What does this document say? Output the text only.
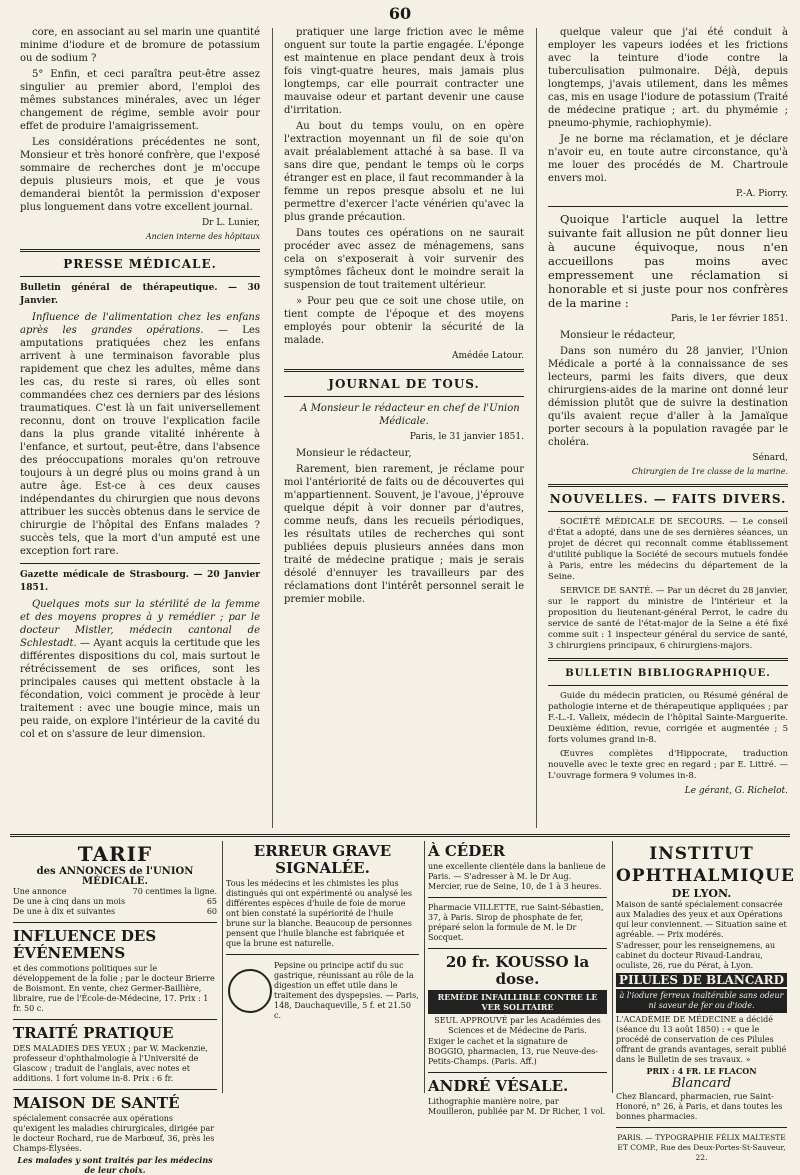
60

core, en associant au sel marin une quantité minime d'iodure et de bromure de potassium ou de sodium ?

5° Enfin, et ceci paraîtra peut-être assez singulier au premier abord, l'emploi des mêmes substances minérales, avec un léger changement de régime, semble avoir pour effet de produire l'amaigrissement.

Les considérations précédentes ne sont, Monsieur et très honoré confrère, que l'exposé sommaire de recherches dont je m'occupe depuis plusieurs mois, et que je vous demanderai bientôt la permission d'exposer plus longuement dans votre excellent journal.

Dr L. Lunier,
Ancien interne des hôpitaux
PRESSE MÉDICALE.

Bulletin général de thérapeutique. — 30 Janvier.

Influence de l'alimentation chez les enfans après les grandes opérations. — Les amputations pratiquées chez les enfans arrivent à une terminaison favorable plus rapidement que chez les adultes, même dans les cas, du reste si rares, où elles sont commandées chez ces derniers par des lésions traumatiques. C'est là un fait universellement reconnu, dont on trouve l'explication facile dans la plus grande vitalité inhérente à l'enfance, et surtout, peut-être, dans l'absence des préoccupations morales qu'on retrouve toujours à un degré plus ou moins grand à un autre âge. Est-ce à ces deux causes indépendantes du chirurgien que nous devons attribuer les succès obtenus dans le service de chirurgie de l'hôpital des Enfans malades ? succès tels, que la mort d'un amputé est une exception fort rare.

Gazette médicale de Strasbourg. — 20 Janvier 1851.

Quelques mots sur la stérilité de la femme et des moyens propres à y remédier ; par le docteur Mistler, médecin cantonal de Schlestadt. — Ayant acquis la certitude que les différentes dispositions du col, mais surtout le rétrécissement de ses orifices, sont les principales causes qui mettent obstacle à la fécondation, voici comment je procède à leur traitement : avec une bougie mince, mais un peu raide, on explore l'intérieur de la cavité du col et on s'assure de leur dimension.

pratiquer une large friction avec le même onguent sur toute la partie engagée. L'éponge est maintenue en place pendant deux à trois fois vingt-quatre heures, mais jamais plus longtemps, car elle pourrait contracter une mauvaise odeur et partant devenir une cause d'irritation.

Au bout du temps voulu, on en opère l'extraction moyennant un fil de soie qu'on avait préalablement attaché à sa base. Il va sans dire que, pendant le temps où le corps étranger est en place, il faut recommander à la femme un repos presque absolu et ne lui permettre d'exercer l'acte vénérien qu'avec la plus grande précaution.

Dans toutes ces opérations on ne saurait procéder avec assez de ménagemens, sans cela on s'exposerait à voir survenir des symptômes fâcheux dont le moindre serait la suspension de tout traitement ultérieur.

» Pour peu que ce soit une chose utile, on tient compte de l'époque et des moyens employés pour obtenir la sécurité de la malade.

Amédée Latour.
JOURNAL DE TOUS.

A Monsieur le rédacteur en chef de l'Union Médicale.

Paris, le 31 janvier 1851.

Monsieur le rédacteur,

Rarement, bien rarement, je réclame pour moi l'antériorité de faits ou de découvertes qui m'appartiennent. Souvent, je l'avoue, j'éprouve quelque dépit à voir donner par d'autres, comme neufs, dans les recueils périodiques, les résultats utiles de recherches qui sont publiées depuis plusieurs années dans mon traité de médecine pratique ; mais je serais désolé d'ennuyer les travailleurs par des réclamations dont l'intérêt personnel serait le premier mobile.

quelque valeur que j'ai été conduit à employer les vapeurs iodées et les frictions avec la teinture d'iode contre la tuberculisation pulmonaire. Déjà, depuis longtemps, j'avais utilement, dans les mêmes cas, mis en usage l'iodure de potassium (Traité de médecine pratique ; art. du phymémie ; pneumo-phymie, rachiophymie).

Je ne borne ma réclamation, et je déclare n'avoir eu, en toute autre circonstance, qu'à me louer des procédés de M. Chartroule envers moi.

P.-A. Piorry.

Quoique l'article auquel la lettre suivante fait allusion ne pût donner lieu à aucune équivoque, nous n'en accueillons pas moins avec empressement une réclamation si honorable et si juste pour nos confrères de la marine :

Paris, le 1er février 1851.

Monsieur le rédacteur,

Dans son numéro du 28 janvier, l'Union Médicale a porté à la connaissance de ses lecteurs, parmi les faits divers, que deux chirurgiens-aides de la marine ont donné leur démission plutôt que de suivre la destination qu'ils avaient reçue d'aller à la Jamaïque porter secours à la population ravagée par le choléra.

Sénard,
Chirurgien de 1re classe de la marine.
NOUVELLES. — FAITS DIVERS.

SOCIÉTÉ MÉDICALE DE SECOURS. — Le conseil d'État a adopté, dans une de ses dernières séances, un projet de décret qui reconnaît comme établissement d'utilité publique la Société de secours mutuels fondée à Paris, entre les médecins du département de la Seine.

SERVICE DE SANTÉ. — Par un décret du 28 janvier, sur le rapport du ministre de l'intérieur et la proposition du lieutenant-général Perrot, le cadre du service de santé de l'état-major de la Seine a été fixé comme suit : 1 inspecteur général du service de santé, 3 chirurgiens principaux, 6 chirurgiens-majors.

BULLETIN BIBLIOGRAPHIQUE.

Guide du médecin praticien, ou Résumé général de pathologie interne et de thérapeutique appliquées ; par F.-L.-I. Valleix, médecin de l'hôpital Sainte-Marguerite. Deuxième édition, revue, corrigée et augmentée ; 5 forts volumes grand in-8.

Œuvres complètes d'Hippocrate, traduction nouvelle avec le texte grec en regard ; par E. Littré. — L'ouvrage formera 9 volumes in-8.

Le gérant, G. Richelot.

TARIF
des ANNONCES de l'UNION MÉDICALE.
Une annonce	70 centimes la ligne.
De une à cinq dans un mois	65
De une à dix et suivantes	60
INFLUENCE DES ÉVÉNEMENS

et des commotions politiques sur le développement de la folie ; par le docteur Brierre de Boismont. En vente, chez Germer-Baillière, libraire, rue de l'École-de-Médecine, 17. Prix : 1 fr. 50 c.

TRAITÉ PRATIQUE

DES MALADIES DES YEUX ; par W. Mackenzie, professeur d'ophthalmologie à l'Université de Glascow ; traduit de l'anglais, avec notes et additions. 1 fort volume in-8. Prix : 6 fr.

MAISON DE SANTÉ

spécialement consacrée aux opérations qu'exigent les maladies chirurgicales, dirigée par le docteur Rochard, rue de Marbœuf, 36, près les Champs-Élysées.

Les malades y sont traités par les médecins de leur choix.

ERREUR GRAVE SIGNALÉE.

Tous les médecins et les chimistes les plus distingués qui ont expérimenté ou analysé les différentes espèces d'huile de foie de morue ont bien constaté la supériorité de l'huile brune sur la blanche. Beaucoup de personnes pensent que l'huile blanche est fabriquée et que la brune est naturelle.

Pepsine ou principe actif du suc gastrique, réunissant au rôle de la digestion un effet utile dans le traitement des dyspepsies. — Paris, 148, Dauchaqueville, 5 f. et 21.50 c.

À CÉDER

une excellente clientèle dans la banlieue de Paris. — S'adresser à M. le Dr Aug. Mercier, rue de Seine, 10, de 1 à 3 heures.

Pharmacie VILLETTE, rue Saint-Sébastien, 37, à Paris. Sirop de phosphate de fer, préparé selon la formule de M. le Dr Socquet.

20 fr. KOUSSO la dose.
REMÈDE INFAILLIBLE CONTRE LE VER SOLITAIRE

SEUL APPROUVÉ par les Académies des Sciences et de Médecine de Paris.

Exiger le cachet et la signature de BOGGIO, pharmacien, 13, rue Neuve-des-Petits-Champs. (Paris. Aff.)

ANDRÉ VÉSALE.

Lithographie manière noire, par Mouilleron, publiée par M. Dr Richer, 1 vol.

INSTITUT OPHTHALMIQUE
DE LYON.

Maison de santé spécialement consacrée aux Maladies des yeux et aux Opérations qui leur conviennent. — Situation saine et agréable. — Prix modérés.

S'adresser, pour les renseignemens, au cabinet du docteur Rivaud-Landrau, oculiste, 26, rue du Pérat, à Lyon.

PILULES DE BLANCARD
à l'iodure ferreux inaltérable sans odeur ni saveur de fer ou d'iode.

L'ACADÉMIE DE MÉDECINE a décidé (séance du 13 août 1850) : « que le procédé de conservation de ces Pilules offrant de grands avantages, serait publié dans le Bulletin de ses travaux. »

PRIX : 4 FR. LE FLACON

Blancard

Chez Blancard, pharmacien, rue Saint-Honoré, n° 26, à Paris, et dans toutes les bonnes pharmacies.

PARIS. — TYPOGRAPHIE FÉLIX MALTESTE ET COMP., Rue des Deux-Portes-St-Sauveur, 22.
